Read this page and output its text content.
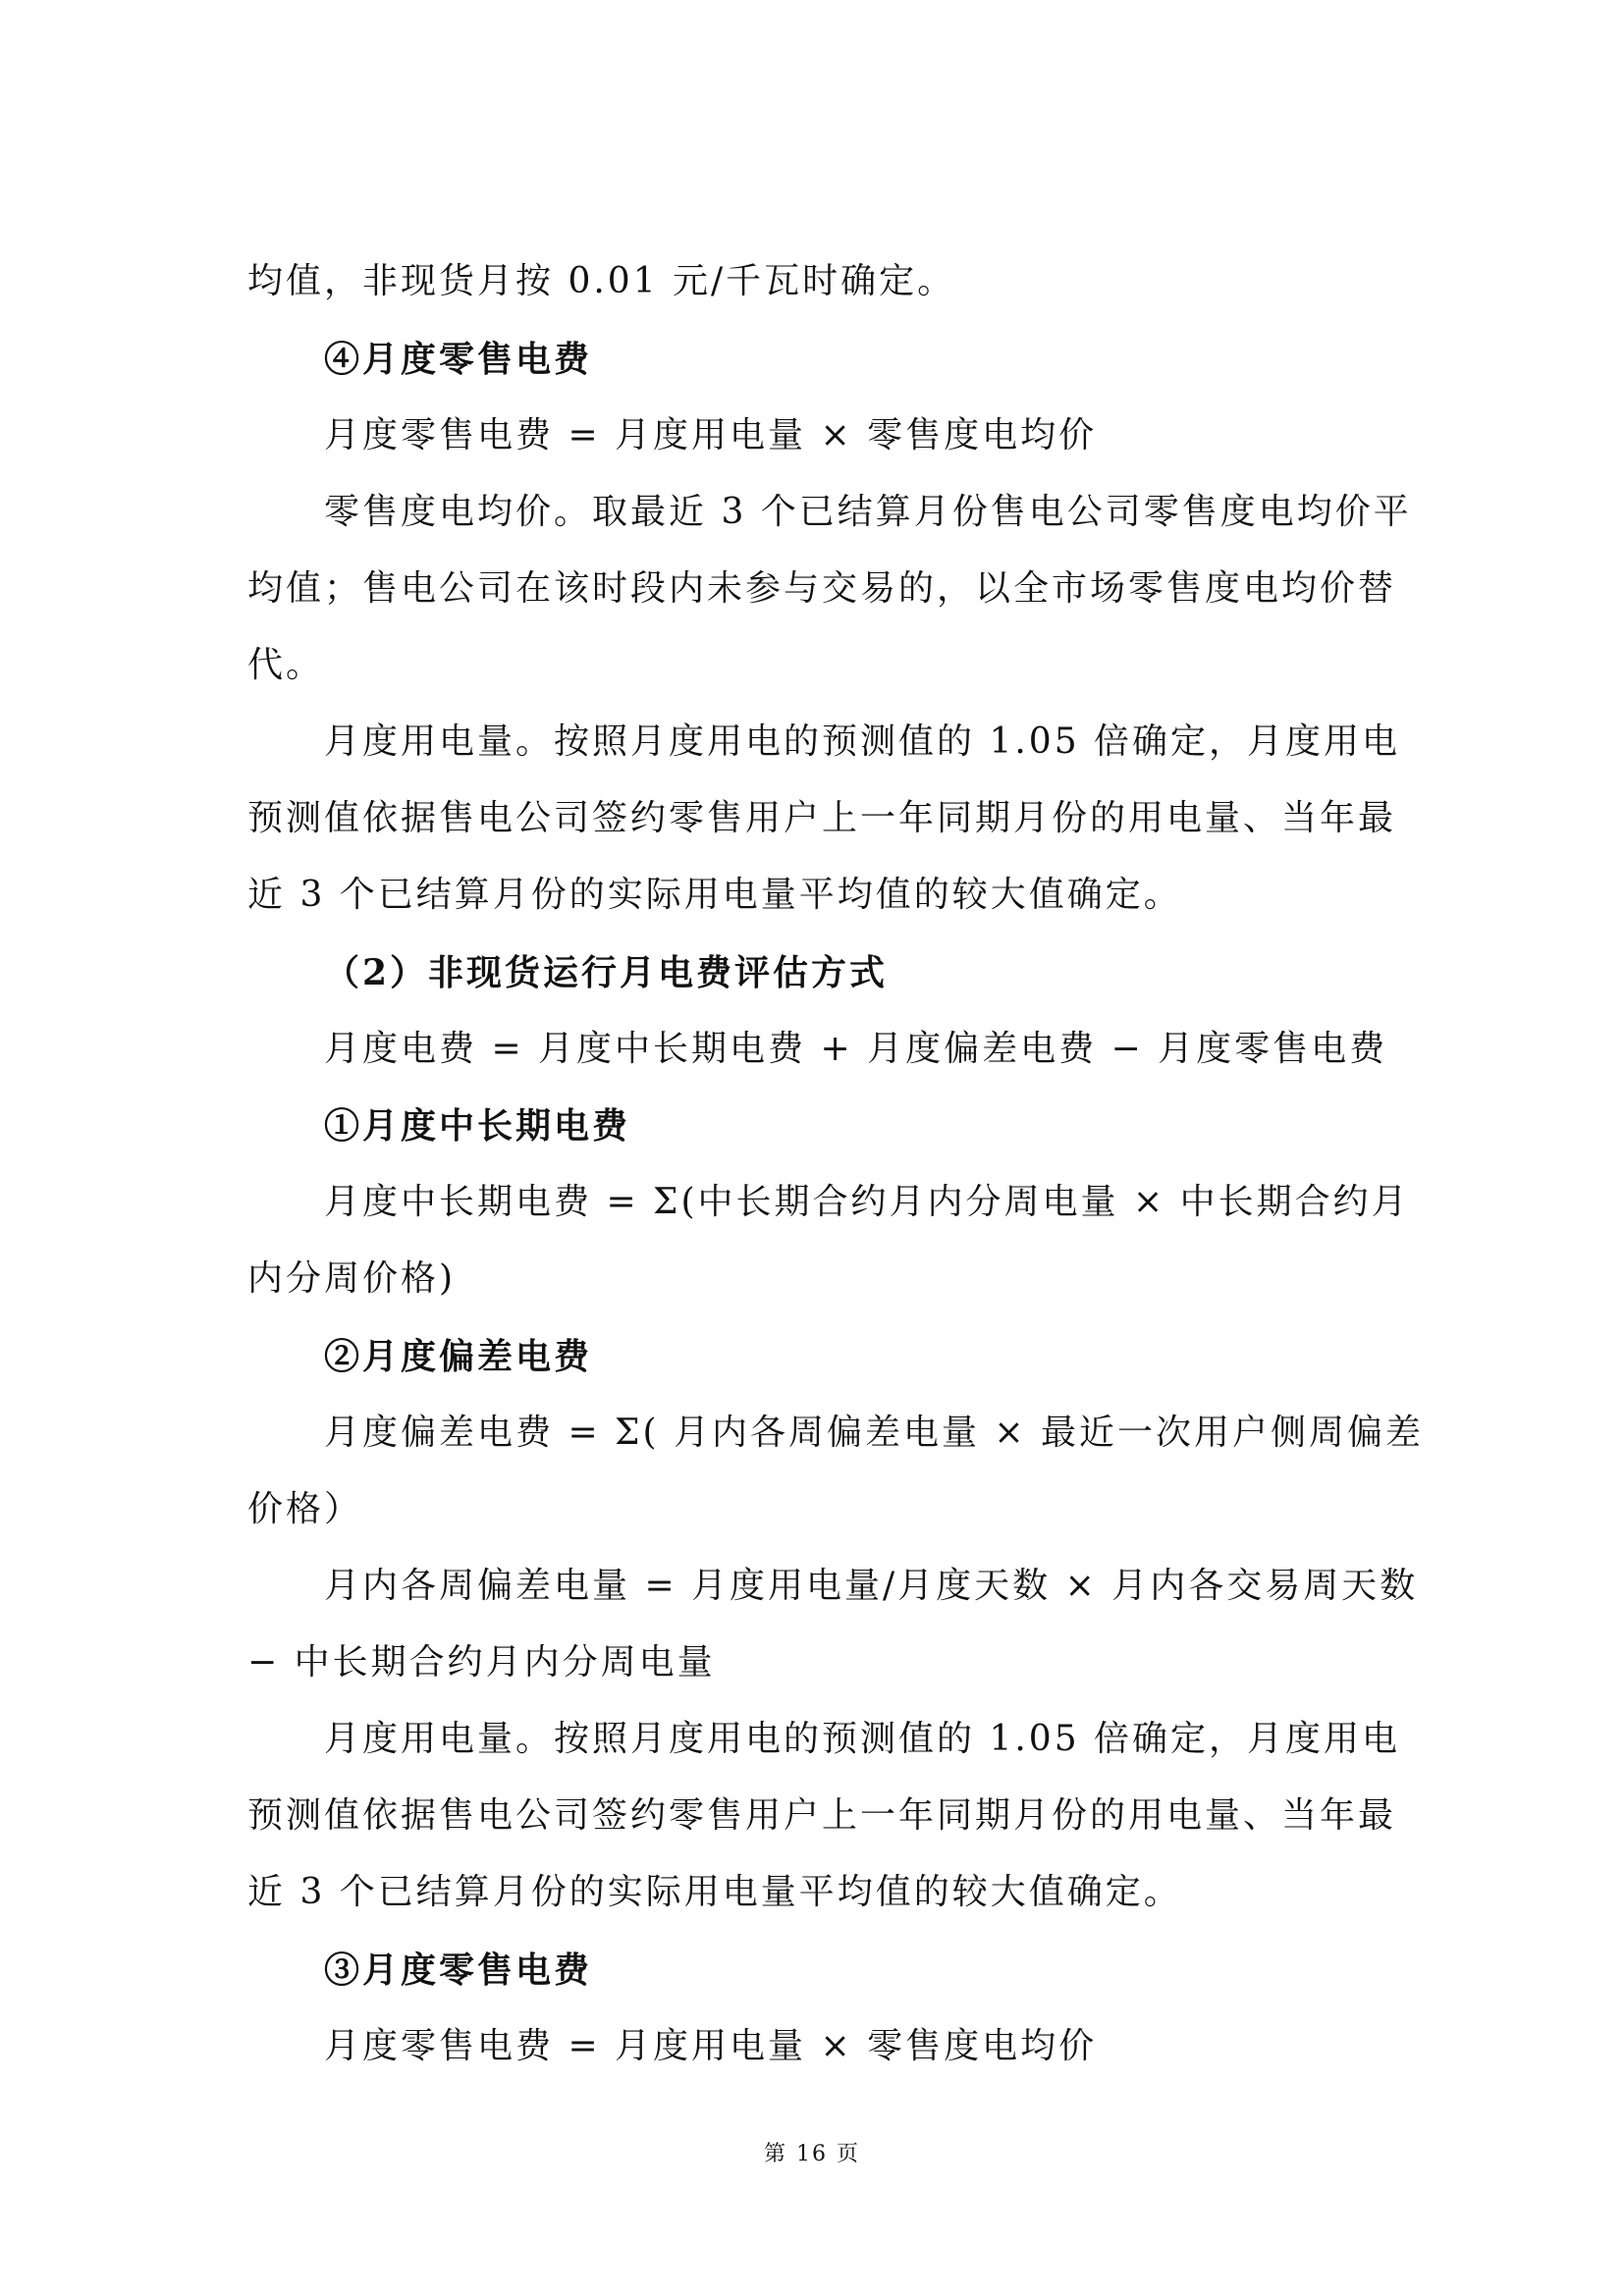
均值，非现货月按 0.01 元/千瓦时确定。

④月度零售电费

月度零售电费 = 月度用电量 × 零售度电均价

零售度电均价。取最近 3 个已结算月份售电公司零售度电均价平

均值；售电公司在该时段内未参与交易的，以全市场零售度电均价替

代。

月度用电量。按照月度用电的预测值的 1.05 倍确定，月度用电

预测值依据售电公司签约零售用户上一年同期月份的用电量、当年最

近 3 个已结算月份的实际用电量平均值的较大值确定。

（2）非现货运行月电费评估方式

月度电费 = 月度中长期电费 + 月度偏差电费 − 月度零售电费

①月度中长期电费

月度中长期电费 = Σ(中长期合约月内分周电量 × 中长期合约月

内分周价格)

②月度偏差电费

月度偏差电费 = Σ( 月内各周偏差电量 × 最近一次用户侧周偏差

价格）

月内各周偏差电量 = 月度用电量/月度天数 × 月内各交易周天数

− 中长期合约月内分周电量

月度用电量。按照月度用电的预测值的 1.05 倍确定，月度用电

预测值依据售电公司签约零售用户上一年同期月份的用电量、当年最

近 3 个已结算月份的实际用电量平均值的较大值确定。

③月度零售电费

月度零售电费 = 月度用电量 × 零售度电均价

第 16 页
